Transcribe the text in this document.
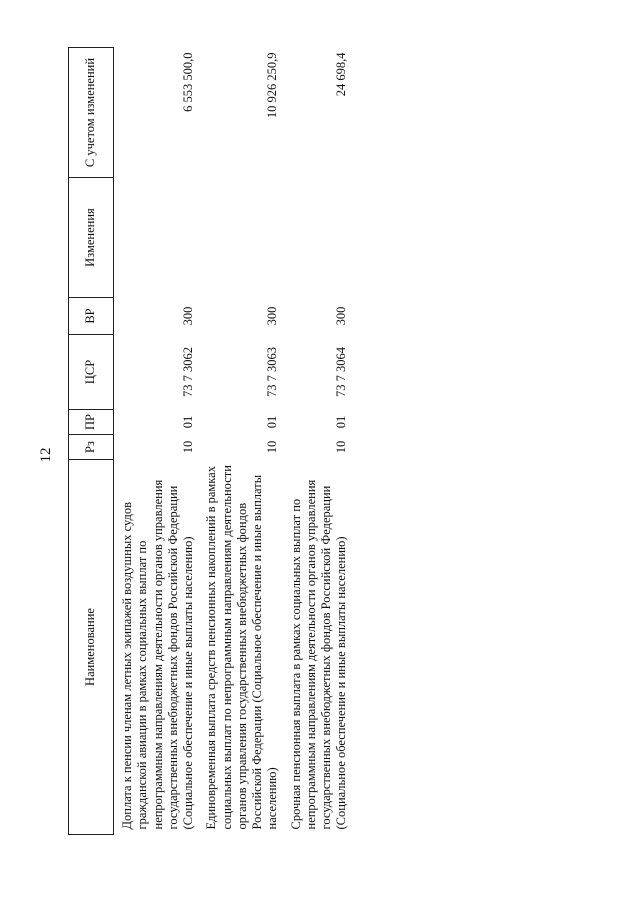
12
Наименование	Рз	ПР	ЦСР	ВР	Изменения	С учетом изменений
Доплата к пенсии членам летных экипажей воздушных судов гражданской авиации в рамках социальных выплат по непрограммным направлениям деятельности органов управления государственных внебюджетных фондов Российской Федерации (Социальное обеспечение и иные выплаты населению)	10	01	73 7 3062	300		6 553 500,0
Единовременная выплата средств пенсионных накоплений в рамках социальных выплат по непрограммным направлениям деятельности органов управления государственных внебюджетных фондов Российской Федерации (Социальное обеспечение и иные выплаты населению)	10	01	73 7 3063	300		10 926 250,9
Срочная пенсионная выплата в рамках социальных выплат по непрограммным направлениям деятельности органов управления государственных внебюджетных фондов Российской Федерации (Социальное обеспечение и иные выплаты населению)	10	01	73 7 3064	300		24 698,4
